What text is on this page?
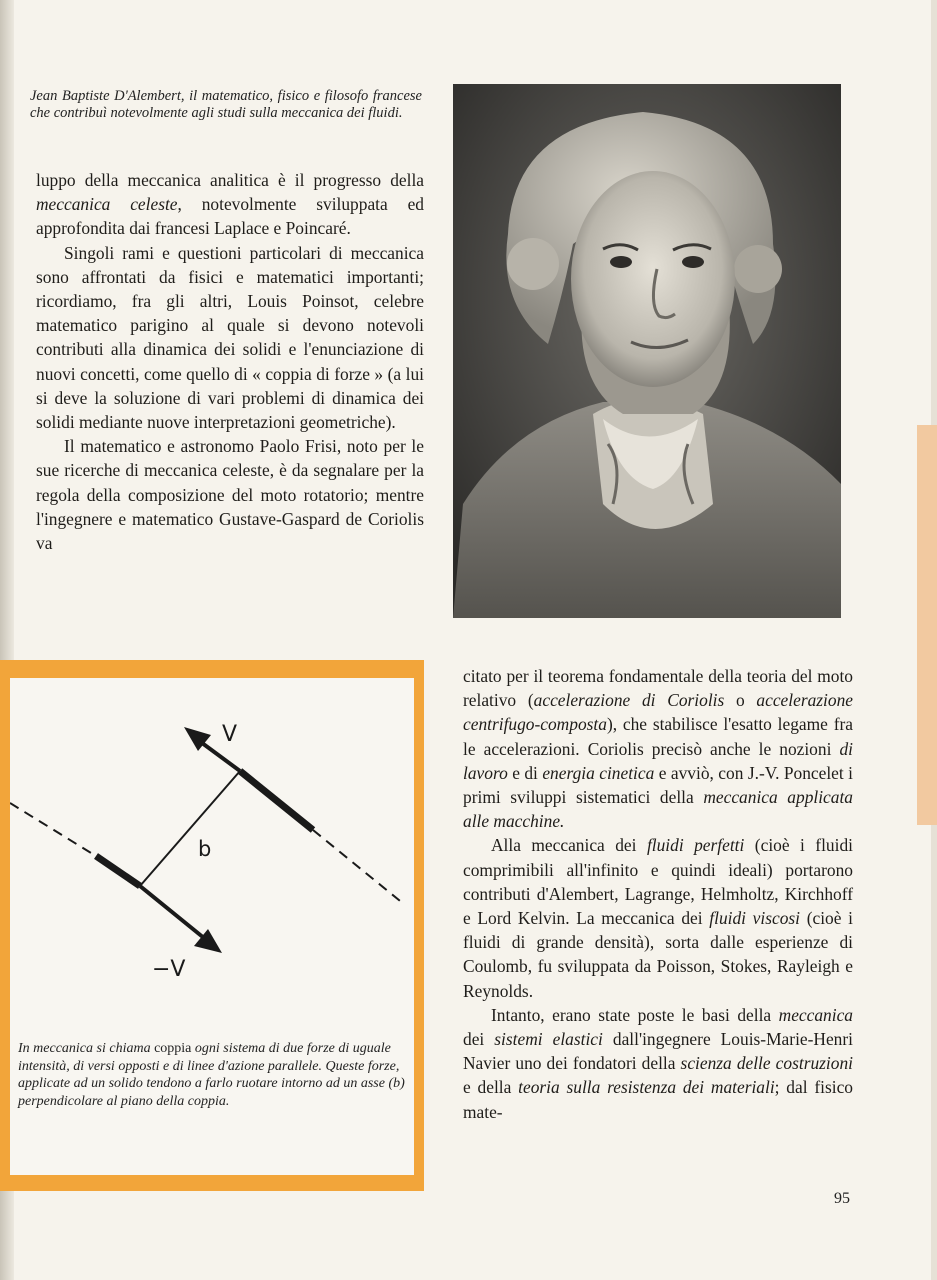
Jean Baptiste D'Alembert, il matematico, fisico e filosofo francese che contribuì notevolmente agli studi sulla meccanica dei fluidi.

luppo della meccanica analitica è il progresso della meccanica celeste, notevolmente sviluppata ed approfondita dai francesi Laplace e Poincaré.

Singoli rami e questioni particolari di meccanica sono affrontati da fisici e matematici importanti; ricordiamo, fra gli altri, Louis Poinsot, celebre matematico parigino al quale si devono notevoli contributi alla dinamica dei solidi e l'enunciazione di nuovi concetti, come quello di « coppia di forze » (a lui si deve la soluzione di vari problemi di dinamica dei solidi mediante nuove interpretazioni geometriche).

Il matematico e astronomo Paolo Frisi, noto per le sue ricerche di meccanica celeste, è da segnalare per la regola della composizione del moto rotatorio; mentre l'ingegnere e matematico Gustave-Gaspard de Coriolis va

V
−V
b
In meccanica si chiama coppia ogni sistema di due forze di uguale intensità, di versi opposti e di linee d'azione parallele. Queste forze, applicate ad un solido tendono a farlo ruotare intorno ad un asse (b) perpendicolare al piano della coppia.

citato per il teorema fondamentale della teoria del moto relativo (accelerazione di Coriolis o accelerazione centrifugo-composta), che stabilisce l'esatto legame fra le accelerazioni. Coriolis precisò anche le nozioni di lavoro e di energia cinetica e avviò, con J.-V. Poncelet i primi sviluppi sistematici della meccanica applicata alle macchine.

Alla meccanica dei fluidi perfetti (cioè i fluidi comprimibili all'infinito e quindi ideali) portarono contributi d'Alembert, Lagrange, Helmholtz, Kirchhoff e Lord Kelvin. La meccanica dei fluidi viscosi (cioè i fluidi di grande densità), sorta dalle esperienze di Coulomb, fu sviluppata da Poisson, Stokes, Rayleigh e Reynolds.

Intanto, erano state poste le basi della meccanica dei sistemi elastici dall'ingegnere Louis-Marie-Henri Navier uno dei fondatori della scienza delle costruzioni e della teoria sulla resistenza dei materiali; dal fisico mate-

95
